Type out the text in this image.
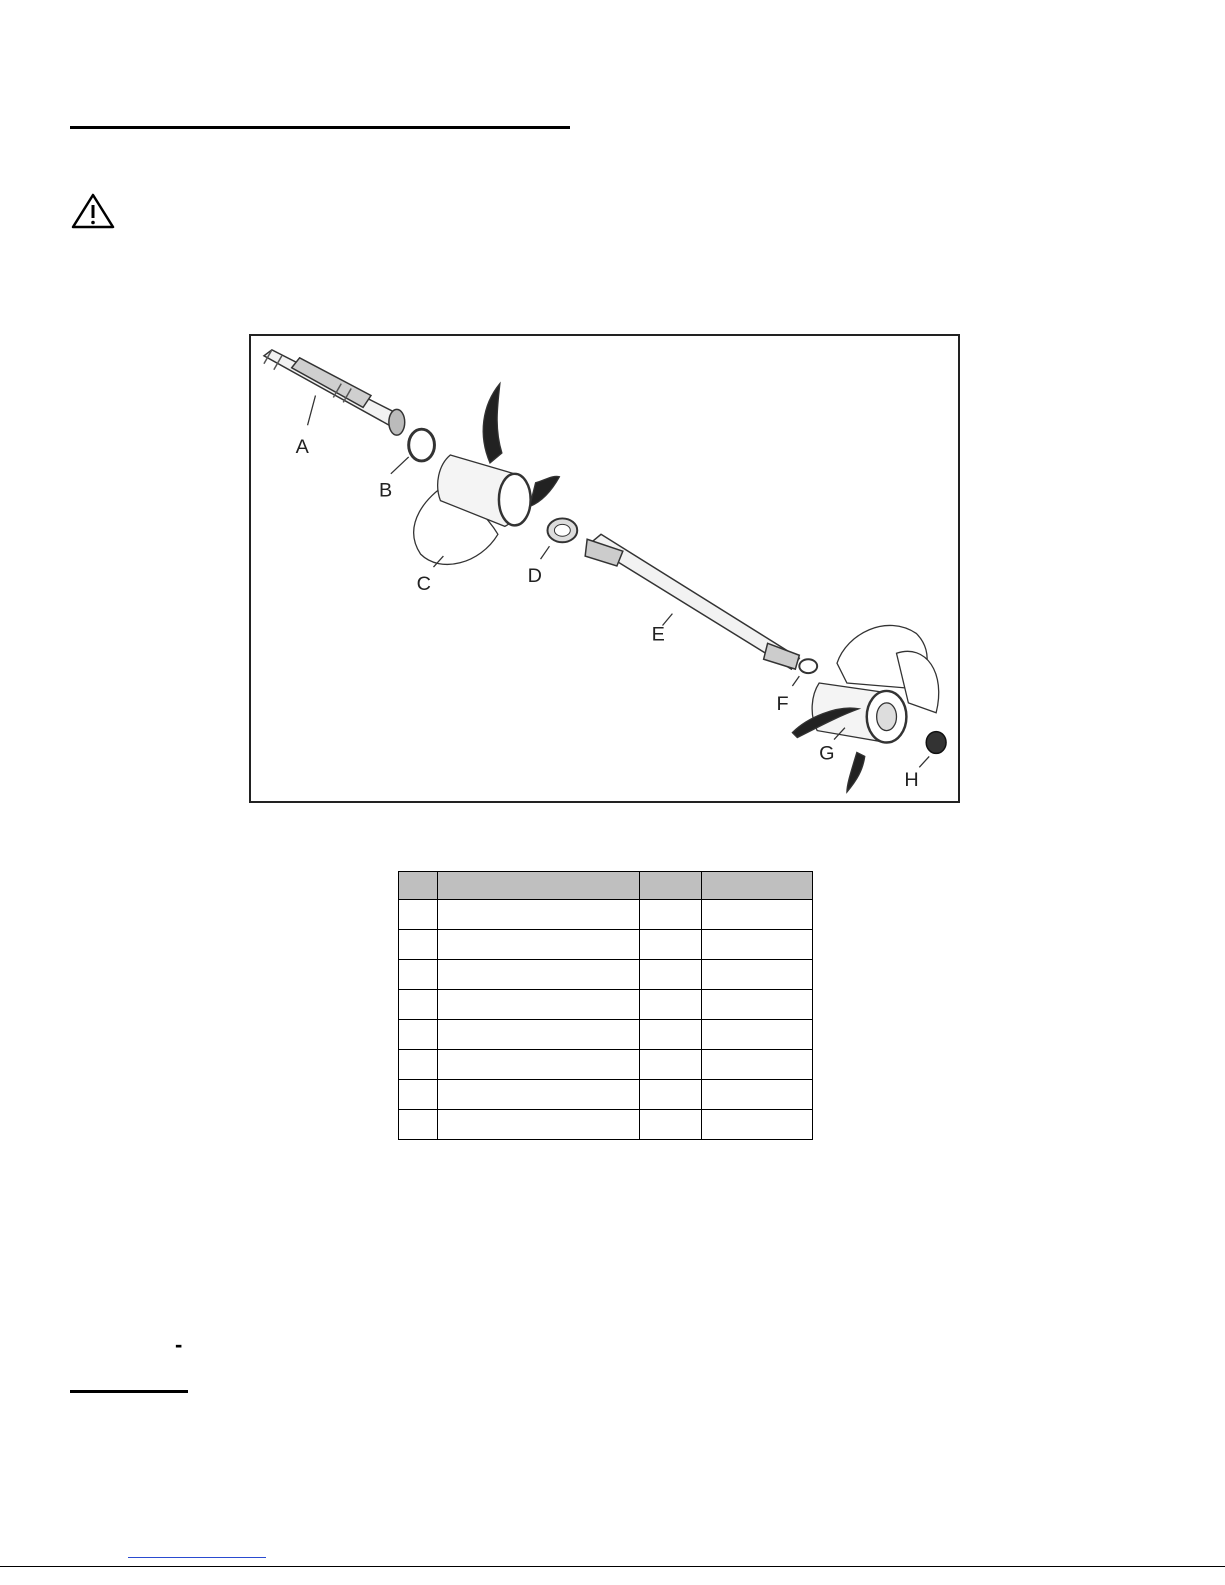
A
B
C	D
E
F
G
H

-
